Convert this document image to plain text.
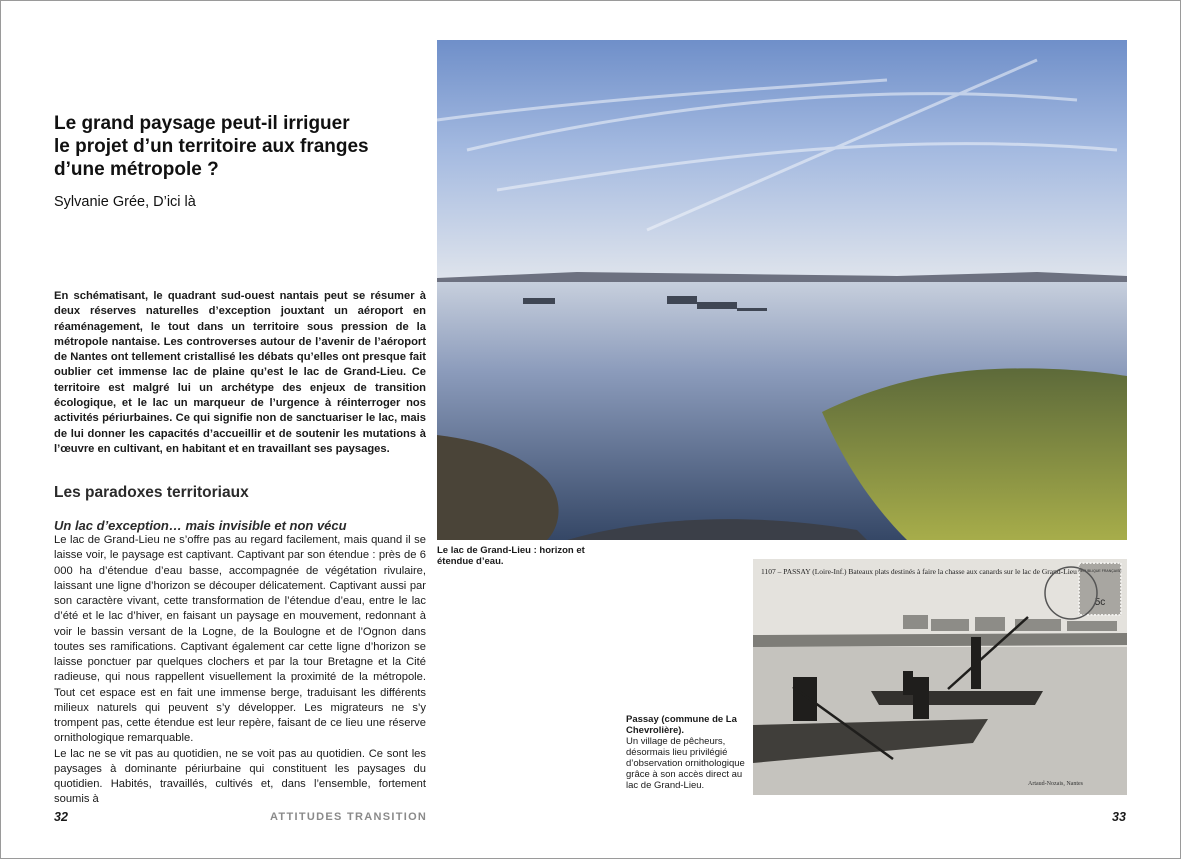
Le grand paysage peut-il irriguer
le projet d’un territoire aux franges
d’une métropole ?
Sylvanie Grée, D’ici là

En schématisant, le quadrant sud-ouest nantais peut se résumer à deux réserves naturelles d’exception jouxtant un aéroport en réaménagement, le tout dans un territoire sous pression de la métropole nantaise. Les controverses autour de l’avenir de l’aéroport de Nantes ont tellement cristallisé les débats qu’elles ont presque fait oublier cet immense lac de plaine qu’est le lac de Grand-Lieu. Ce territoire est malgré lui un archétype des enjeux de transition écologique, et le lac un marqueur de l’urgence à réinterroger nos activités périurbaines. Ce qui signifie non de sanctuariser le lac, mais de lui donner les capacités d’accueillir et de soutenir les mutations à l’œuvre en cultivant, en habitant et en travaillant ses paysages.

Les paradoxes territoriaux
Un lac d’exception… mais invisible et non vécu

Le lac de Grand-Lieu ne s’offre pas au regard facilement, mais quand il se laisse voir, le paysage est captivant. Captivant par son étendue : près de 6 000 ha d’étendue d’eau basse, accompagnée de végétation rivulaire, laissant une ligne d’horizon se découper délicatement. Captivant aussi par son caractère vivant, cette transformation de l’étendue d’eau, entre le lac d’été et le lac d’hiver, en faisant un paysage en mouvement, redonnant à voir le bassin versant de la Logne, de la Boulogne et de l’Ognon dans toutes ses ramifications. Captivant également car cette ligne d’horizon se laisse ponctuer par quelques clochers et par la tour Bretagne et la Cité radieuse, qui nous rappellent visuellement la proximité de la métropole. Tout cet espace est en fait une immense berge, traduisant les différents milieux naturels qui peuvent s’y développer. Les migrateurs ne s’y trompent pas, cette étendue est leur repère, faisant de ce lieu une réserve ornithologique remarquable.

Le lac ne se vit pas au quotidien, ne se voit pas au quotidien. Ce sont les paysages à dominante périurbaine qui constituent les paysages du quotidien. Habités, travaillés, cultivés et, dans l’ensemble, fortement soumis à

32	ATTITUDES TRANSITION	33
Le lac de Grand-Lieu : horizon et étendue d’eau.
1107 – PASSAY (Loire-Inf.) Bateaux plats destinés à faire la chasse aux canards sur le lac de Grand-Lieu
5c
RÉPUBLIQUE FRANÇAISE
Artaud-Nozais, Nantes
Passay (commune de La Chevrolière).
Un village de pêcheurs, désormais lieu privilégié d’observation ornithologique grâce à son accès direct au lac de Grand-Lieu.
